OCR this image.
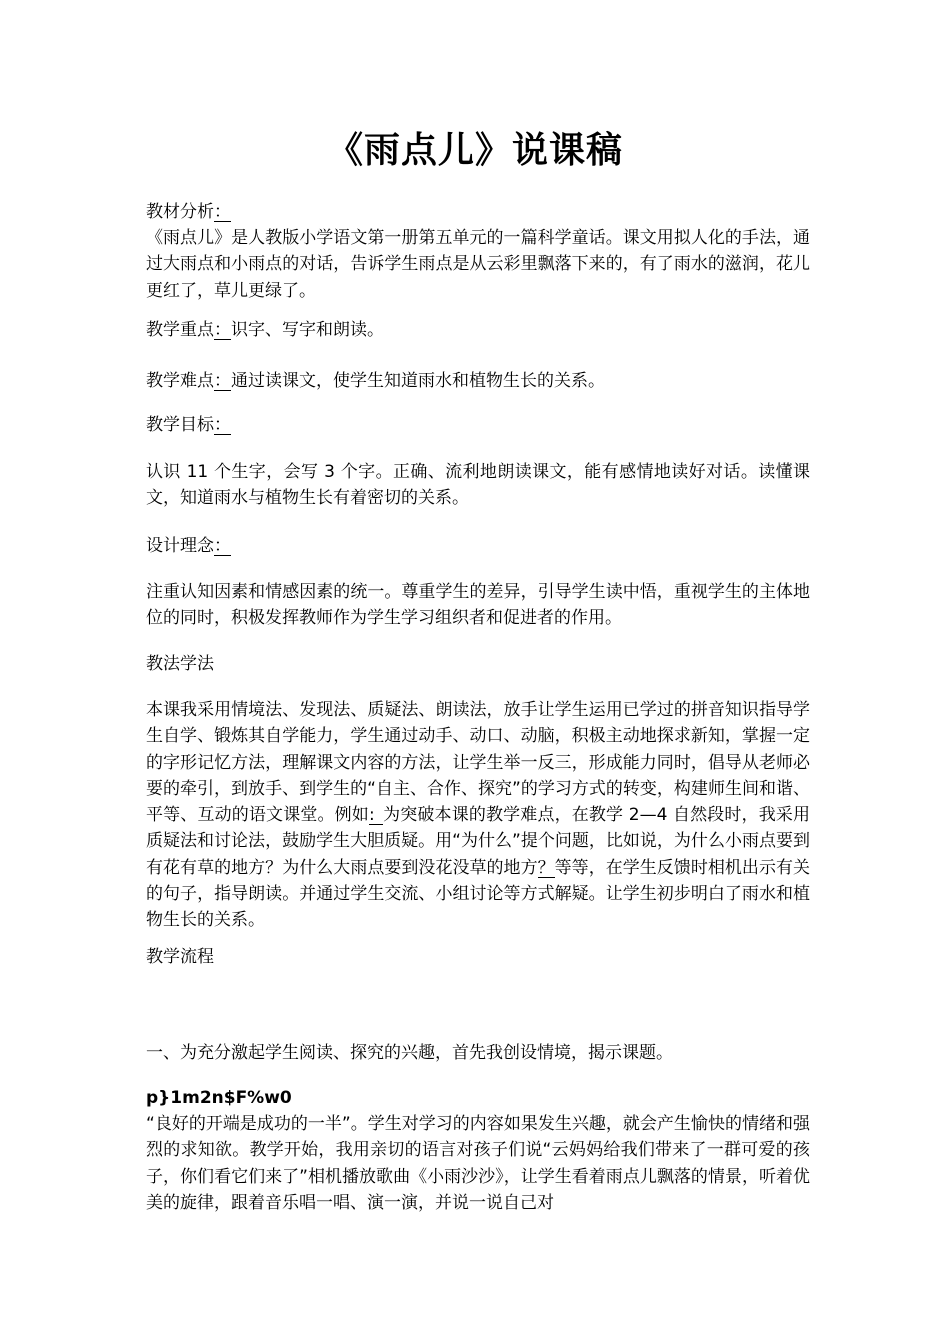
《雨点儿》说课稿

教材分析：

《雨点儿》是人教版小学语文第一册第五单元的一篇科学童话。课文用拟人化的手法，通过大雨点和小雨点的对话，告诉学生雨点是从云彩里飘落下来的，有了雨水的滋润，花儿更红了，草儿更绿了。

教学重点：识字、写字和朗读。

教学难点：通过读课文，使学生知道雨水和植物生长的关系。

教学目标：

认识 11 个生字，会写 3 个字。正确、流利地朗读课文，能有感情地读好对话。读懂课文，知道雨水与植物生长有着密切的关系。

设计理念：

注重认知因素和情感因素的统一。尊重学生的差异，引导学生读中悟，重视学生的主体地位的同时，积极发挥教师作为学生学习组织者和促进者的作用。

教法学法

本课我采用情境法、发现法、质疑法、朗读法，放手让学生运用已学过的拼音知识指导学生自学、锻炼其自学能力，学生通过动手、动口、动脑，积极主动地探求新知，掌握一定的字形记忆方法，理解课文内容的方法，让学生举一反三，形成能力同时，倡导从老师必要的牵引，到放手、到学生的“自主、合作、探究”的学习方式的转变，构建师生间和谐、平等、互动的语文课堂。例如: 为突破本课的教学难点，在教学 2—4 自然段时，我采用质疑法和讨论法，鼓励学生大胆质疑。用“为什么”提个问题，比如说，为什么小雨点要到有花有草的地方？为什么大雨点要到没花没草的地方？等等，在学生反馈时相机出示有关的句子，指导朗读。并通过学生交流、小组讨论等方式解疑。让学生初步明白了雨水和植物生长的关系。

教学流程

一、为充分激起学生阅读、探究的兴趣，首先我创设情境，揭示课题。

p}1m2n$F%w0

“良好的开端是成功的一半”。学生对学习的内容如果发生兴趣，就会产生愉快的情绪和强烈的求知欲。教学开始，我用亲切的语言对孩子们说“云妈妈给我们带来了一群可爱的孩子，你们看它们来了”相机播放歌曲《小雨沙沙》，让学生看着雨点儿飘落的情景，听着优美的旋律，跟着音乐唱一唱、演一演，并说一说自己对
